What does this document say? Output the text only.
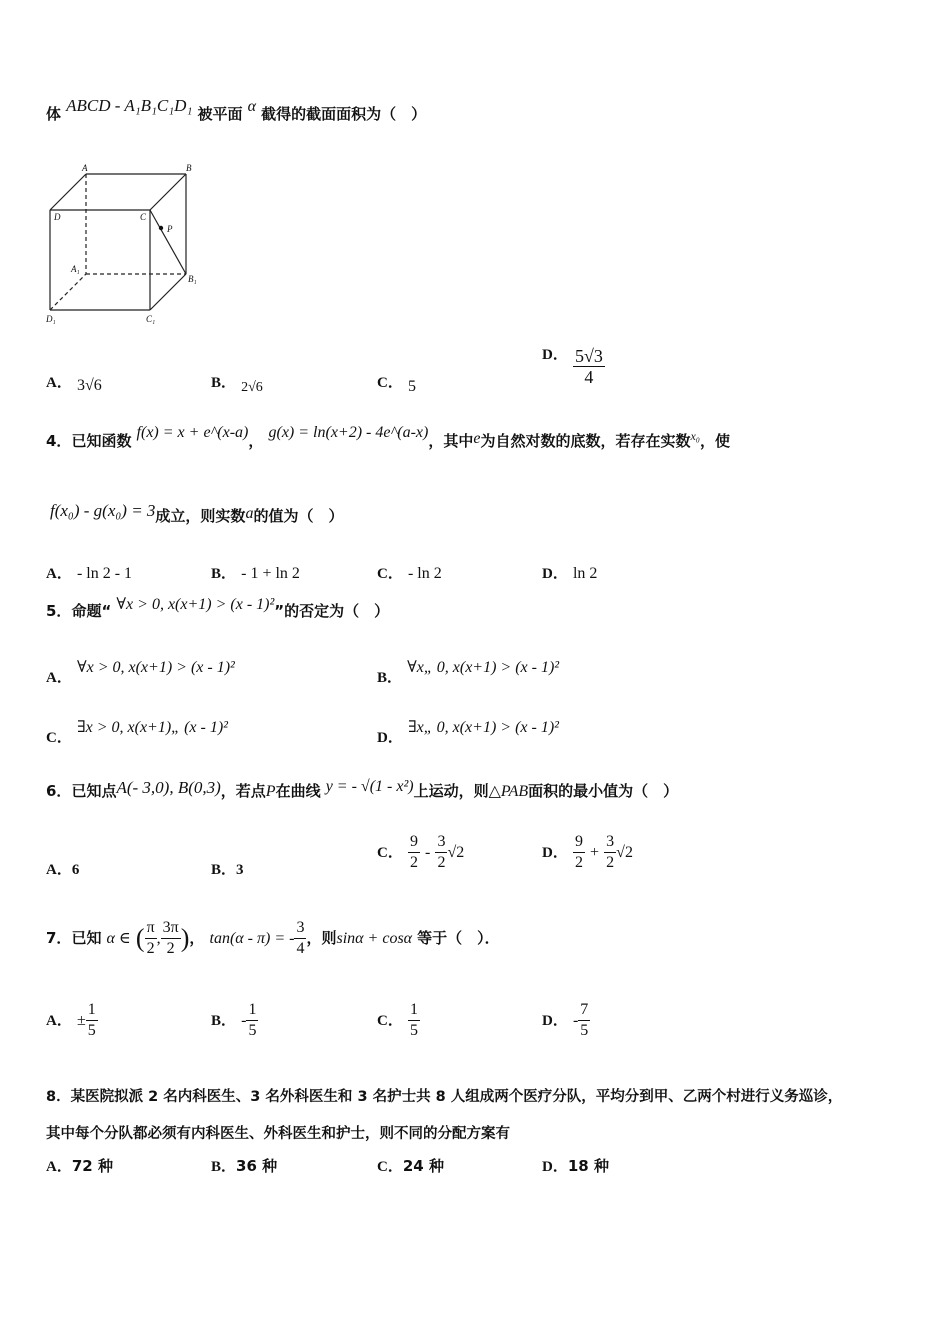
体 ABCD - A₁B₁C₁D₁ 被平面 α 截得的截面面积为（　）
A	B
D	C
P
A₁
B₁
D₁	C₁
A． 3√6	B． 2√6	C． 5
D． $\frac{5√3}{4}$
4．已知函数 f(x) = x + e^(x-a)， g(x) = ln(x+2) - 4e^(a-x)，其中e为自然对数的底数，若存在实数$^{x_0}$，使
f(x₀) - g(x₀) = 3成立，则实数a的值为（　）
A． - ln 2 - 1	B． - 1 + ln 2	C． - ln 2	D． ln 2
5．命题“ ∀x > 0, x(x+1) > (x - 1)²”的否定为（　）
A． ∀x > 0, x(x+1) > (x - 1)²
B． ∀x„ 0, x(x+1) > (x - 1)²
C． ∃x > 0, x(x+1)„ (x - 1)²
D． ∃x„ 0, x(x+1) > (x - 1)²
6．已知点A(- 3,0), B(0,3)，若点P在曲线 y = - √(1 - x²)上运动，则△PAB面积的最小值为（　）
A．6	B．3
C． $\frac{9}{2} - \frac{3}{2} √2$	D． $\frac{9}{2} + \frac{3}{2} √2$
7．已知 α ∈ ( $\frac{\pi}{2}$ , $\frac{3\pi}{2}$ )， tan(α - π) = - $\frac{3}{4}$ ，则sinα + cosα 等于（　）．
A． ± $\frac{1}{5}$	B． - $\frac{1}{5}$	C． $\frac{1}{5}$	D． - $\frac{7}{5}$
8．某医院拟派 2 名内科医生、3 名外科医生和 3 名护士共 8 人组成两个医疗分队，平均分到甲、乙两个村进行义务巡诊，
其中每个分队都必须有内科医生、外科医生和护士，则不同的分配方案有
A．72 种	B．36 种	C．24 种	D．18 种
